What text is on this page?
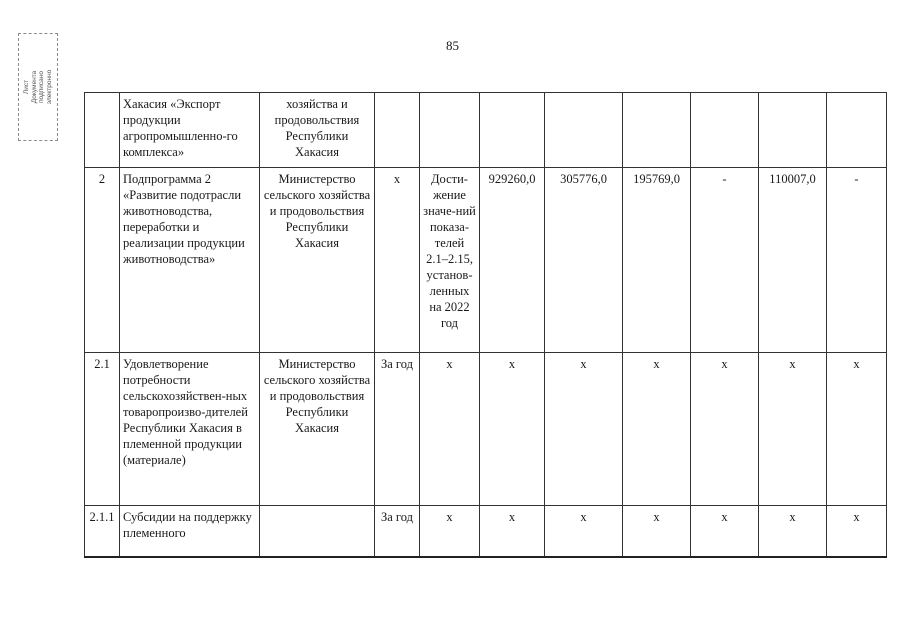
85
Лист Документа подписано электронно
		Хакасия «Экспорт продукции агропромышленно-го комплекса»	хозяйства и продовольствия Республики Хакасия								
2	Подпрограмма 2 «Развитие подотрасли животноводства, переработки и реализации продукции животноводства»	Министерство сельского хозяйства и продовольствия Республики Хакасия	х	Дости-жение значе-ний показа-телей 2.1–2.15, установ-ленных на 2022 год	929260,0	305776,0	195769,0	-	110007,0	-
2.1	Удовлетворение потребности сельскохозяйствен-ных товаропроизво-дителей Республики Хакасия в племенной продукции (материале)	Министерство сельского хозяйства и продовольствия Республики Хакасия	За год	х	х	х	х	х	х	х
2.1.1	Субсидии на поддержку племенного		За год	х	х	х	х	х	х	х
